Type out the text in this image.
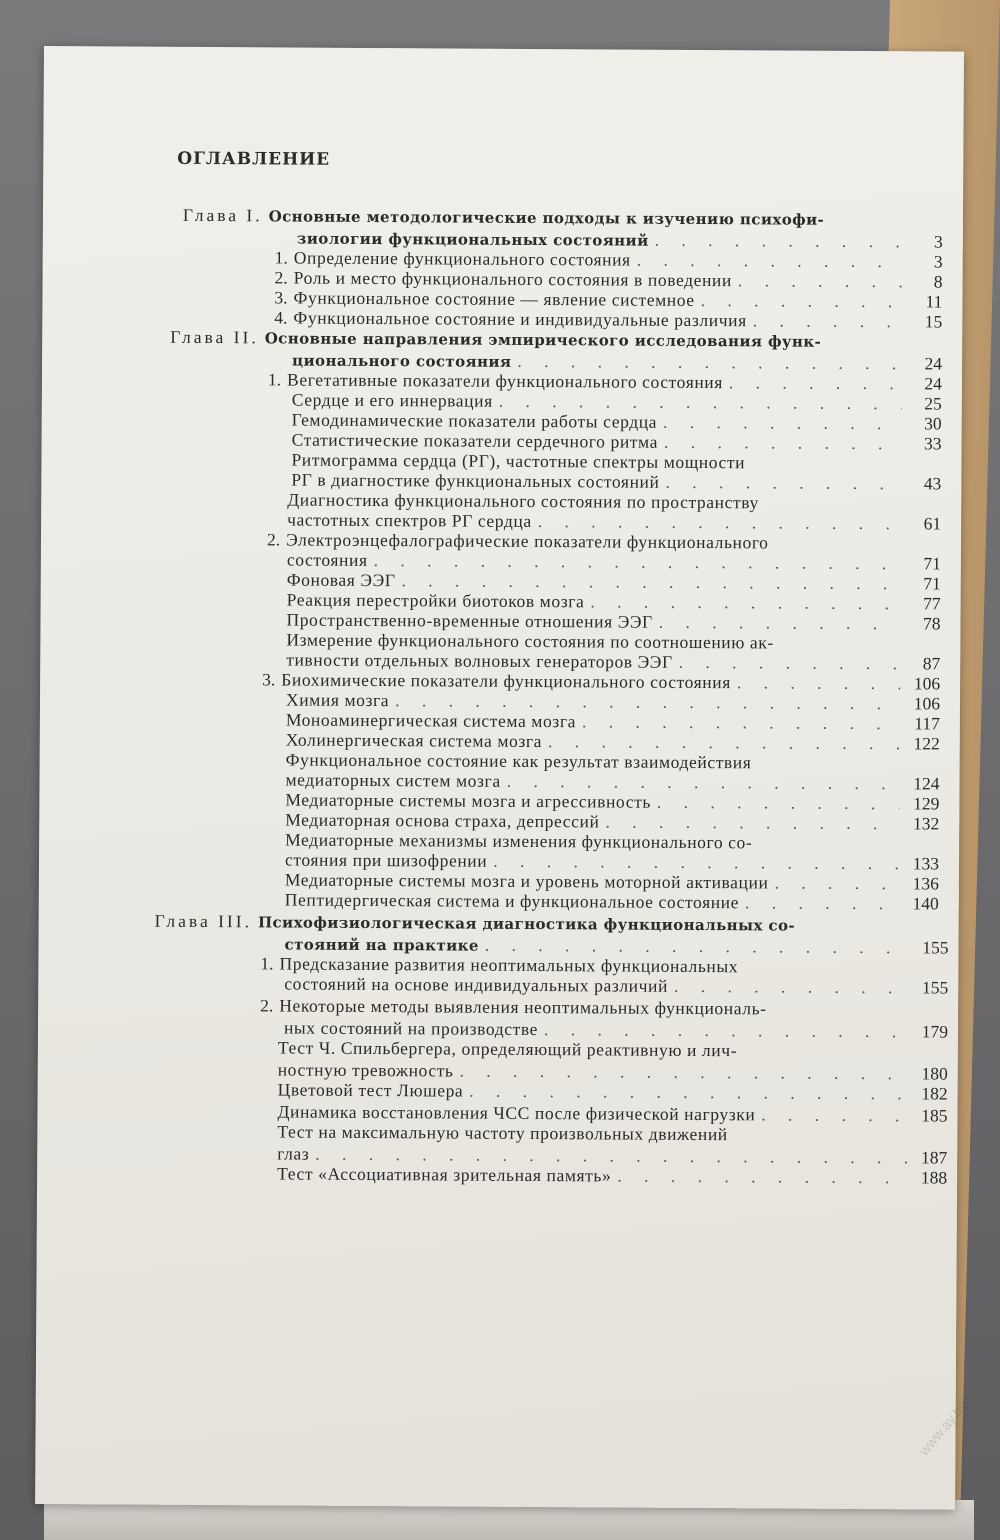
ОГЛАВЛЕНИЕ
Глава I. Основные методологические подходы к изучению психофи-
зиологии функциональных состояний . . .	3
1. Определение функционального состояния . . .	3
2. Роль и место функционального состояния в поведении . . .	8
3. Функциональное состояние — явление системное . . .	11
4. Функциональное состояние и индивидуальные различия . . .	15
Глава II. Основные направления эмпирического исследования функ-
ционального состояния . . .	24
1. Вегетативные показатели функционального состояния . . .	24
Сердце и его иннервация . . .	25
Гемодинамические показатели работы сердца . . .	30
Статистические показатели сердечного ритма . . .	33
Ритмограмма сердца (РГ), частотные спектры мощности
РГ в диагностике функциональных состояний . . .	43
Диагностика функционального состояния по пространству
частотных спектров РГ сердца . . .	61
2. Электроэнцефалографические показатели функционального
состояния . . .	71
Фоновая ЭЭГ . . .	71
Реакция перестройки биотоков мозга . . .	77
Пространственно-временные отношения ЭЭГ . . .	78
Измерение функционального состояния по соотношению ак-
тивности отдельных волновых генераторов ЭЭГ . . .	87
3. Биохимические показатели функционального состояния . . .	106
Химия мозга . . .	106
Моноаминергическая система мозга . . .	117
Холинергическая система мозга . . .	122
Функциональное состояние как результат взаимодействия
медиаторных систем мозга . . .	124
Медиаторные системы мозга и агрессивность . . .	129
Медиаторная основа страха, депрессий . . .	132
Медиаторные механизмы изменения функционального со-
стояния при шизофрении . . .	133
Медиаторные системы мозга и уровень моторной активации . . .	136
Пептидергическая система и функциональное состояние . . .	140
Глава III. Психофизиологическая диагностика функциональных со-
стояний на практике . . .	155
1. Предсказание развития неоптимальных функциональных
состояний на основе индивидуальных различий . . .	155
2. Некоторые методы выявления неоптимальных функциональ-
ных состояний на производстве . . .	179
Тест Ч. Спильбергера, определяющий реактивную и лич-
ностную тревожность . . .	180
Цветовой тест Люшера . . .	182
Динамика восстановления ЧСС после физической нагрузки . . .	185
Тест на максимальную частоту произвольных движений
глаз . . .	187
Тест «Ассоциативная зрительная память» . . .	188
www.ay.by
